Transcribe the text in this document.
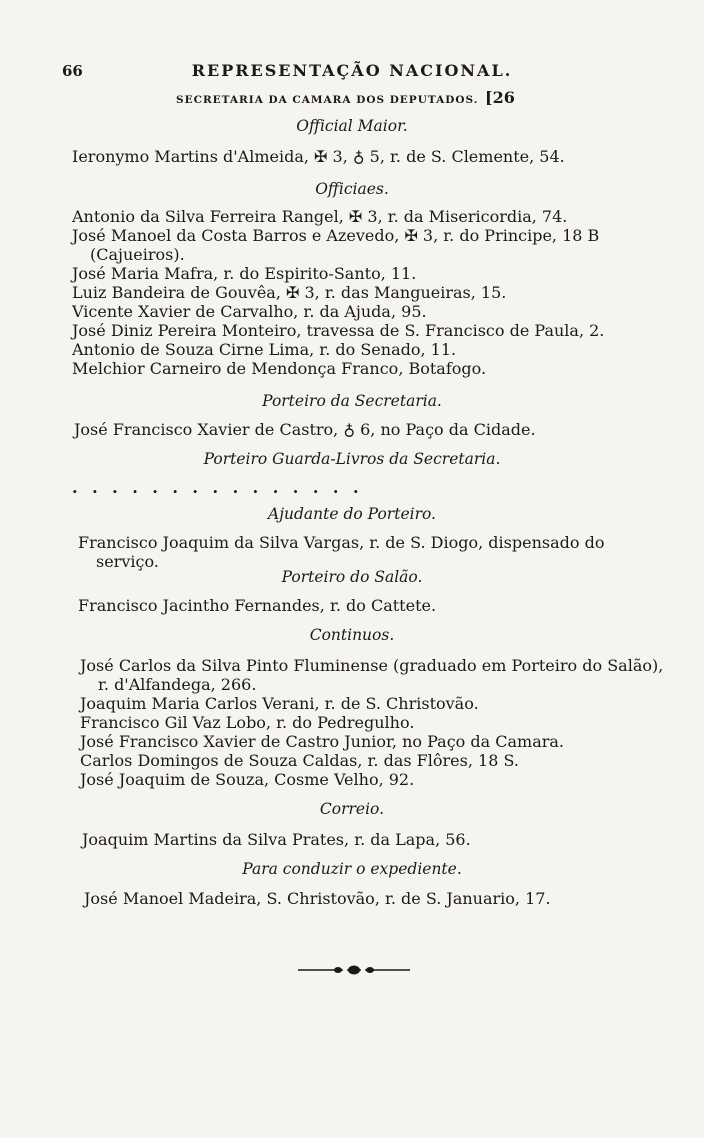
66	REPRESENTAÇÃO NACIONAL.
SECRETARIA DA CAMARA DOS DEPUTADOS. [26
Official Maior.
Ieronymo Martins d'Almeida, ✠ 3, ♁ 5, r. de S. Clemente, 54.
Officiaes.
Antonio da Silva Ferreira Rangel, ✠ 3, r. da Misericordia, 74.
José Manoel da Costa Barros e Azevedo, ✠ 3, r. do Principe, 18 B
(Cajueiros).
José Maria Mafra, r. do Espirito-Santo, 11.
Luiz Bandeira de Gouvêa, ✠ 3, r. das Mangueiras, 15.
Vicente Xavier de Carvalho, r. da Ajuda, 95.
José Diniz Pereira Monteiro, travessa de S. Francisco de Paula, 2.
Antonio de Souza Cirne Lima, r. do Senado, 11.
Melchior Carneiro de Mendonça Franco, Botafogo.
Porteiro da Secretaria.
José Francisco Xavier de Castro, ♁ 6, no Paço da Cidade.
Porteiro Guarda-Livros da Secretaria.
...............
Ajudante do Porteiro.
Francisco Joaquim da Silva Vargas, r. de S. Diogo, dispensado do
serviço.
Porteiro do Salão.
Francisco Jacintho Fernandes, r. do Cattete.
Continuos.
José Carlos da Silva Pinto Fluminense (graduado em Porteiro do Salão),
r. d'Alfandega, 266.
Joaquim Maria Carlos Verani, r. de S. Christovão.
Francisco Gil Vaz Lobo, r. do Pedregulho.
José Francisco Xavier de Castro Junior, no Paço da Camara.
Carlos Domingos de Souza Caldas, r. das Flôres, 18 S.
José Joaquim de Souza, Cosme Velho, 92.
Correio.
Joaquim Martins da Silva Prates, r. da Lapa, 56.
Para conduzir o expediente.
José Manoel Madeira, S. Christovão, r. de S. Januario, 17.
